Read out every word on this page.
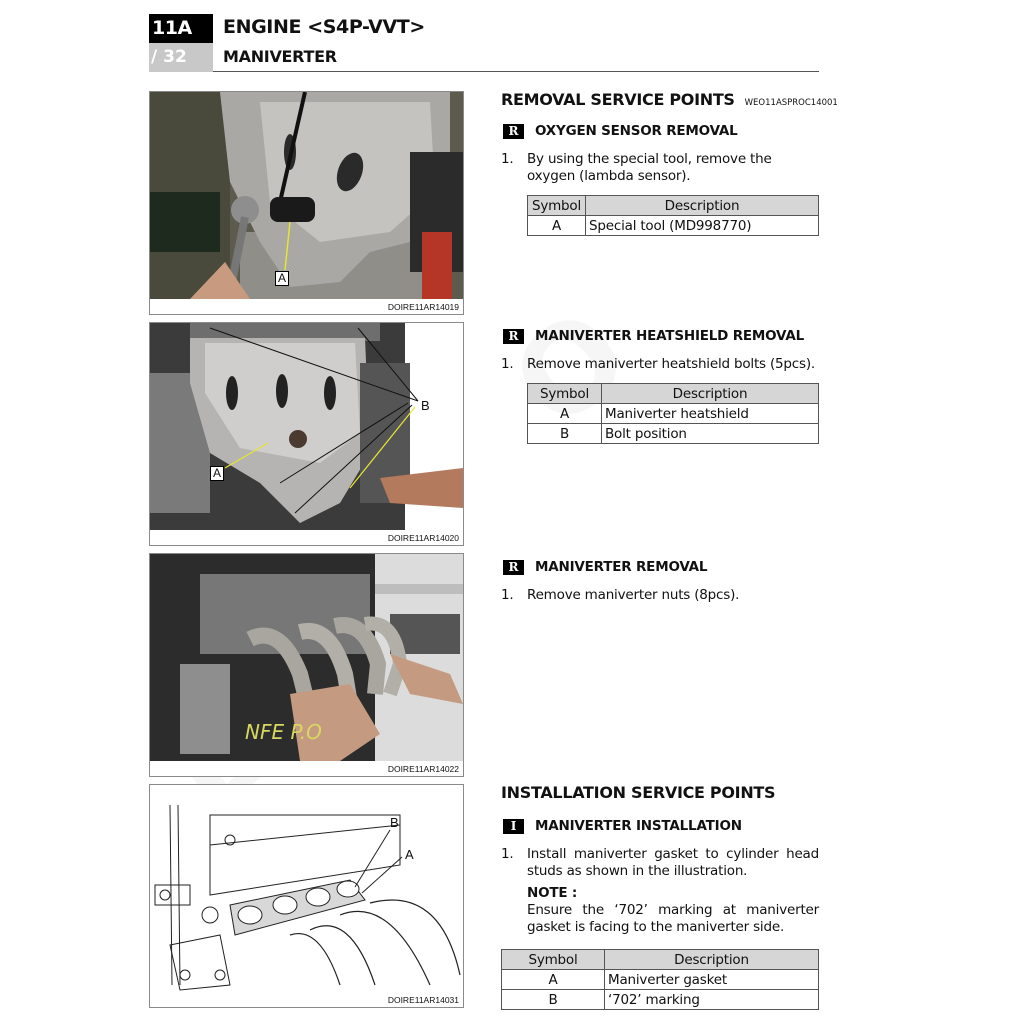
11A
/ 32
ENGINE <S4P-VVT>
MANIVERTER
A
DOIRE11AR14019
A
B
DOIRE11AR14020
NFE P.O
DOIRE11AR14022
B
A
DOIRE11AR14031
REMOVAL SERVICE POINTS WEO11ASPROC14001
R	OXYGEN SENSOR REMOVAL
1. By using the special tool, remove the oxygen (lambda sensor).
Symbol	Description
A	Special tool (MD998770)
R	MANIVERTER HEATSHIELD REMOVAL
1. Remove maniverter heatshield bolts (5pcs).
Symbol	Description
A	Maniverter heatshield
B	Bolt position
R	MANIVERTER REMOVAL
1. Remove maniverter nuts (8pcs).
INSTALLATION SERVICE POINTS
I	MANIVERTER INSTALLATION
1. Install maniverter gasket to cylinder head studs as shown in the illustration.
NOTE :
Ensure the ‘702’ marking at maniverter gasket is facing to the maniverter side.
Symbol	Description
A	Maniverter gasket
B	‘702’ marking
